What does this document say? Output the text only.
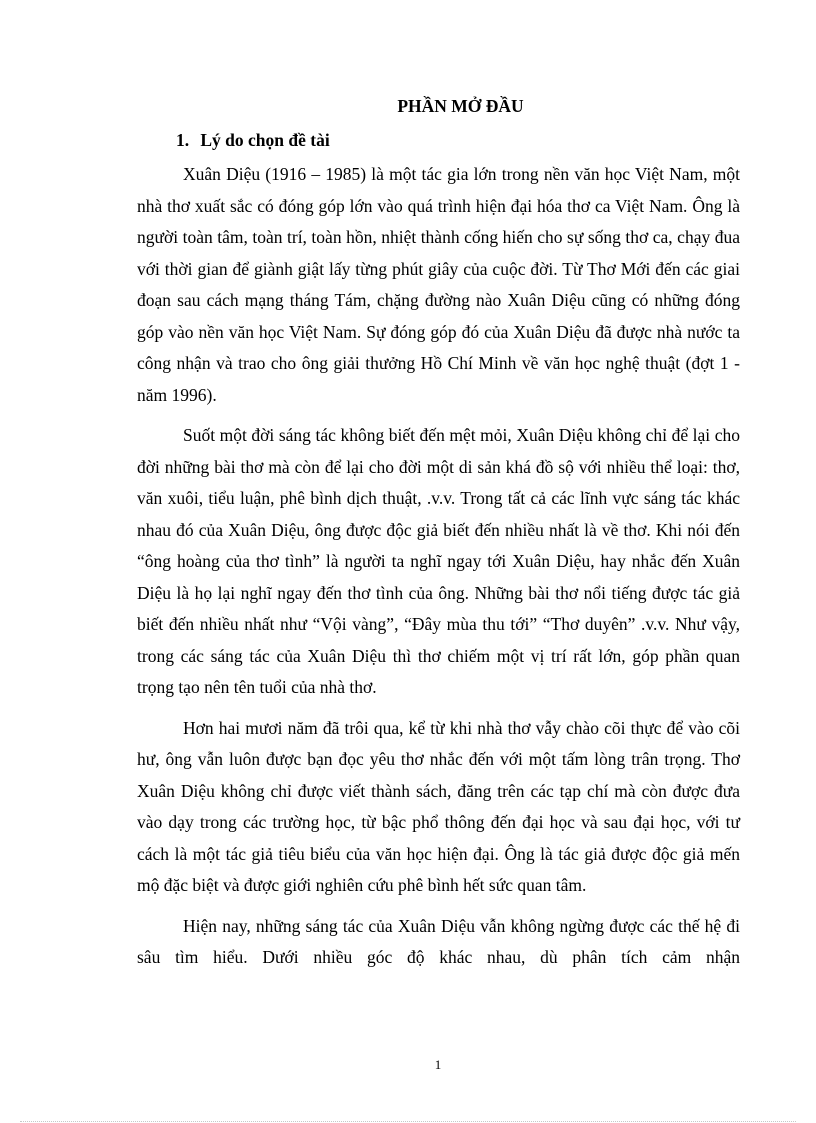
PHẦN MỞ ĐẦU
1. Lý do chọn đề tài

Xuân Diệu (1916 – 1985) là một tác gia lớn trong nền văn học Việt Nam, một nhà thơ xuất sắc có đóng góp lớn vào quá trình hiện đại hóa thơ ca Việt Nam. Ông là người toàn tâm, toàn trí, toàn hồn, nhiệt thành cống hiến cho sự sống thơ ca, chạy đua với thời gian để giành giật lấy từng phút giây của cuộc đời. Từ Thơ Mới đến các giai đoạn sau cách mạng tháng Tám, chặng đường nào Xuân Diệu cũng có những đóng góp vào nền văn học Việt Nam. Sự đóng góp đó của Xuân Diệu đã được nhà nước ta công nhận và trao cho ông giải thưởng Hồ Chí Minh về văn học nghệ thuật (đợt 1 - năm 1996).

Suốt một đời sáng tác không biết đến mệt mỏi, Xuân Diệu không chỉ để lại cho đời những bài thơ mà còn để lại cho đời một di sản khá đồ sộ với nhiều thể loại: thơ, văn xuôi, tiểu luận, phê bình dịch thuật, .v.v. Trong tất cả các lĩnh vực sáng tác khác nhau đó của Xuân Diệu, ông được độc giả biết đến nhiều nhất là về thơ. Khi nói đến “ông hoàng của thơ tình” là người ta nghĩ ngay tới Xuân Diệu, hay nhắc đến Xuân Diệu là họ lại nghĩ ngay đến thơ tình của ông. Những bài thơ nổi tiếng được tác giả biết đến nhiều nhất như “Vội vàng”, “Đây mùa thu tới” “Thơ duyên” .v.v. Như vậy, trong các sáng tác của Xuân Diệu thì thơ chiếm một vị trí rất lớn, góp phần quan trọng tạo nên tên tuổi của nhà thơ.

Hơn hai mươi năm đã trôi qua, kể từ khi nhà thơ vẫy chào cõi thực để vào cõi hư, ông vẫn luôn được bạn đọc yêu thơ nhắc đến với một tấm lòng trân trọng. Thơ Xuân Diệu không chỉ được viết thành sách, đăng trên các tạp chí mà còn được đưa vào dạy trong các trường học, từ bậc phổ thông đến đại học và sau đại học, với tư cách là một tác giả tiêu biểu của văn học hiện đại. Ông là tác giả được độc giả mến mộ đặc biệt và được giới nghiên cứu phê bình hết sức quan tâm.

Hiện nay, những sáng tác của Xuân Diệu vẫn không ngừng được các thế hệ đi sâu tìm hiểu. Dưới nhiều góc độ khác nhau, dù phân tích cảm nhận

1
